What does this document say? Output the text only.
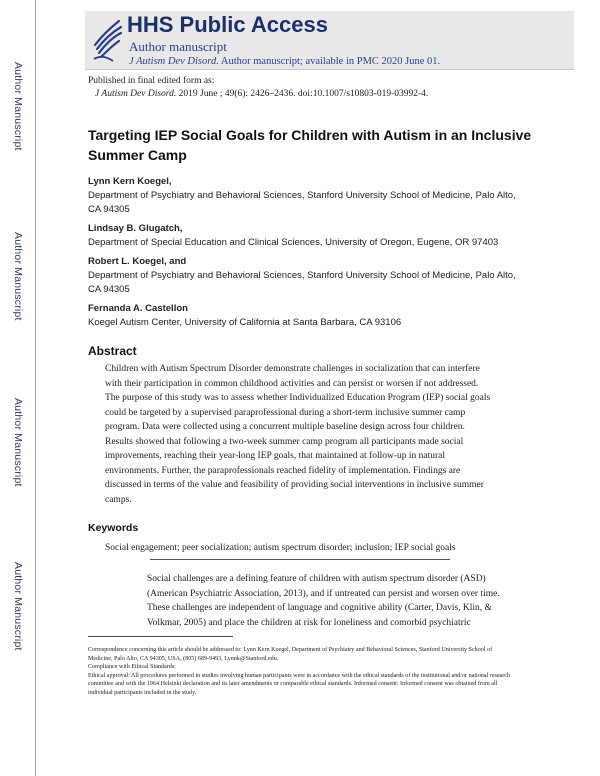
Author Manuscript
Author Manuscript
Author Manuscript
Author Manuscript
HHS Public Access
Author manuscript
J Autism Dev Disord. Author manuscript; available in PMC 2020 June 01.
Published in final edited form as:
J Autism Dev Disord. 2019 June ; 49(6): 2426–2436. doi:10.1007/s10803-019-03992-4.
Targeting IEP Social Goals for Children with Autism in an Inclusive Summer Camp
Lynn Kern Koegel,
Department of Psychiatry and Behavioral Sciences, Stanford University School of Medicine, Palo Alto, CA 94305
Lindsay B. Glugatch,
Department of Special Education and Clinical Sciences, University of Oregon, Eugene, OR 97403
Robert L. Koegel, and
Department of Psychiatry and Behavioral Sciences, Stanford University School of Medicine, Palo Alto, CA 94305
Fernanda A. Castellon
Koegel Autism Center, University of California at Santa Barbara, CA 93106
Abstract
Children with Autism Spectrum Disorder demonstrate challenges in socialization that can interfere with their participation in common childhood activities and can persist or worsen if not addressed. The purpose of this study was to assess whether Individualized Education Program (IEP) social goals could be targeted by a supervised paraprofessional during a short-term inclusive summer camp program. Data were collected using a concurrent multiple baseline design across four children. Results showed that following a two-week summer camp program all participants made social improvements, reaching their year-long IEP goals, that maintained at follow-up in natural environments. Further, the paraprofessionals reached fidelity of implementation. Findings are discussed in terms of the value and feasibility of providing social interventions in inclusive summer camps.
Keywords
Social engagement; peer socialization; autism spectrum disorder; inclusion; IEP social goals
Social challenges are a defining feature of children with autism spectrum disorder (ASD) (American Psychiatric Association, 2013), and if untreated can persist and worsen over time. These challenges are independent of language and cognitive ability (Carter, Davis, Klin, & Volkmar, 2005) and place the children at risk for loneliness and comorbid psychiatric

Correspondence concerning this article should be addressed to: Lynn Kern Koegel, Department of Psychiatry and Behavioral Sciences, Stanford University School of Medicine, Palo Alto, CA 94305, USA, (805) 689-9493, Lynnk@Stanford.edu.

Compliance with Ethical Standards:

Ethical approval: All procedures performed in studies involving human participants were in accordance with the ethical standards of the institutional and/or national research committee and with the 1964 Helsinki declaration and its later amendments or comparable ethical standards. Informed consent: Informed consent was obtained from all individual participants included in the study.
